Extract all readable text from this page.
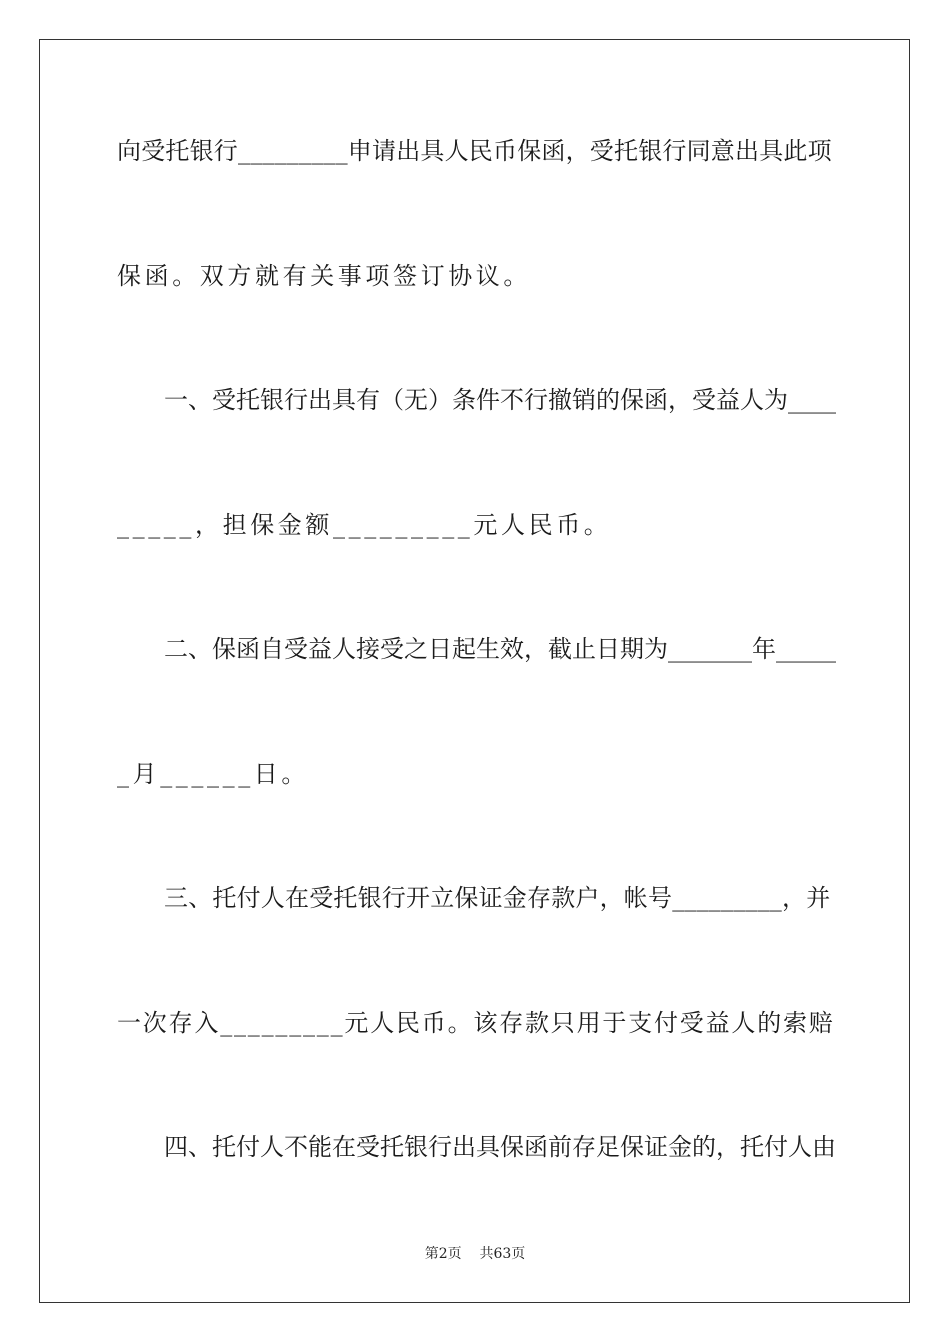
向受托银行_________申请出具人民币保函，受托银行同意出具此项
保函。双方就有关事项签订协议。
一、受托银行出具有（无）条件不行撤销的保函，受益人为____
_____，担保金额_________元人民币。
二、保函自受益人接受之日起生效，截止日期为_______年_____
_月______日。
三、托付人在受托银行开立保证金存款户，帐号_________，并
一次存入_________元人民币。该存款只用于支付受益人的索赔
四、托付人不能在受托银行出具保函前存足保证金的，托付人由
第2页 共63页
